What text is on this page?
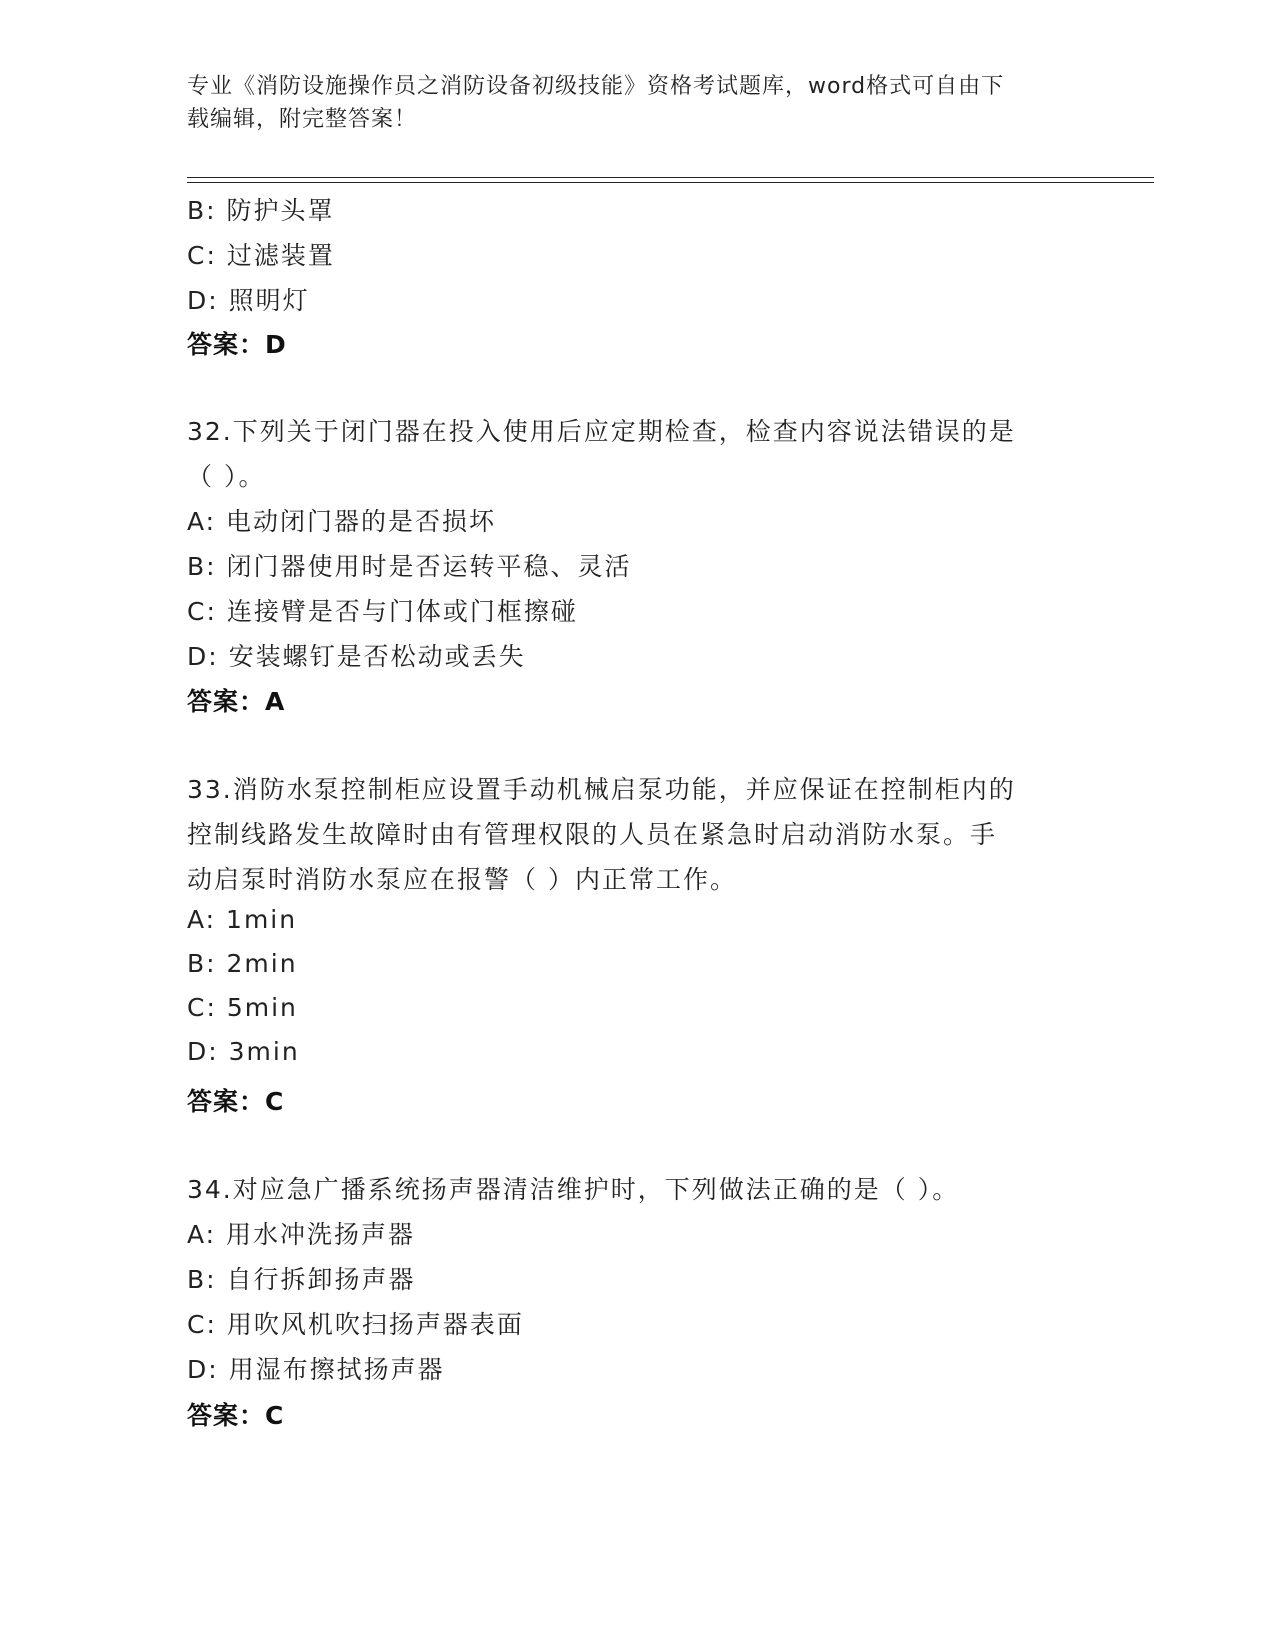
专业《消防设施操作员之消防设备初级技能》资格考试题库，word格式可自由下
载编辑，附完整答案！
B: 防护头罩
C: 过滤装置
D: 照明灯
答案：D
32.下列关于闭门器在投入使用后应定期检查，检查内容说法错误的是
（ ）。
A: 电动闭门器的是否损坏
B: 闭门器使用时是否运转平稳、灵活
C: 连接臂是否与门体或门框擦碰
D: 安装螺钉是否松动或丢失
答案：A
33.消防水泵控制柜应设置手动机械启泵功能，并应保证在控制柜内的
控制线路发生故障时由有管理权限的人员在紧急时启动消防水泵。手
动启泵时消防水泵应在报警（ ）内正常工作。
A: 1min
B: 2min
C: 5min
D: 3min
答案：C
34.对应急广播系统扬声器清洁维护时，下列做法正确的是（ ）。
A: 用水冲洗扬声器
B: 自行拆卸扬声器
C: 用吹风机吹扫扬声器表面
D: 用湿布擦拭扬声器
答案：C
